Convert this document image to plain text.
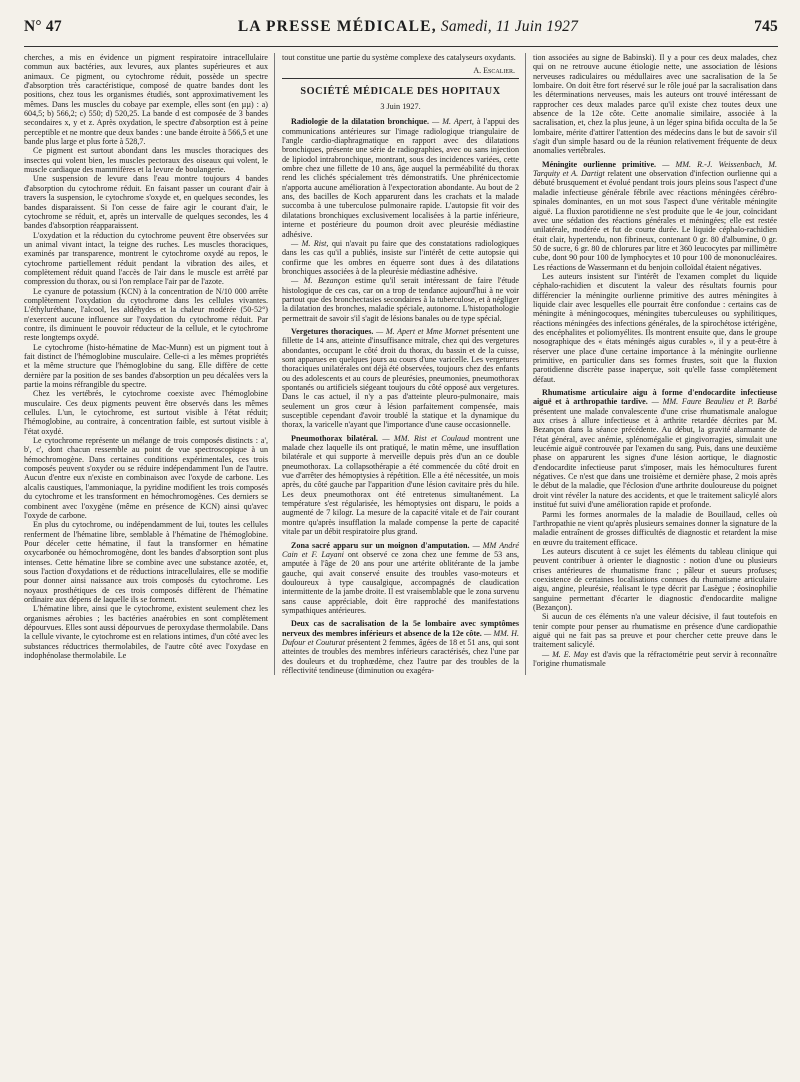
N° 47	LA PRESSE MÉDICALE, Samedi, 11 Juin 1927	745

cherches, a mis en évidence un pigment respiratoire intracellulaire commun aux bactéries, aux levures, aux plantes supérieures et aux animaux. Ce pigment, ou cytochrome réduit, possède un spectre d'absorption très caractéristique, composé de quatre bandes dont les positions, chez tous les organismes étudiés, sont approximativement les mêmes. Dans les muscles du cobaye par exemple, elles sont (en µµ) : a) 604,5; b) 566,2; c) 550; d) 520,25. La bande d est composée de 3 bandes secondaires x, y et z. Après oxydation, le spectre d'absorption est à peine perceptible et ne montre que deux bandes : une bande étroite à 566,5 et une bande plus large et plus forte à 528,7.

Ce pigment est surtout abondant dans les muscles thoraciques des insectes qui volent bien, les muscles pectoraux des oiseaux qui volent, le muscle cardiaque des mammifères et la levure de boulangerie.

Une suspension de levure dans l'eau montre toujours 4 bandes d'absorption du cytochrome réduit. En faisant passer un courant d'air à travers la suspension, le cytochrome s'oxyde et, en quelques secondes, les bandes disparaissent. Si l'on cesse de faire agir le courant d'air, le cytochrome se réduit, et, après un intervalle de quelques secondes, les 4 bandes d'absorption réapparaissent.

L'oxydation et la réduction du cytochrome peuvent être observées sur un animal vivant intact, la teigne des ruches. Les muscles thoraciques, examinés par transparence, montrent le cytochrome oxydé au repos, le cytochrome partiellement réduit pendant la vibration des ailes, et complètement réduit quand l'accès de l'air dans le muscle est arrêté par compression du thorax, ou si l'on remplace l'air par de l'azote.

Le cyanure de potassium (KCN) à la concentration de N/10 000 arrête complètement l'oxydation du cytochrome dans les cellules vivantes. L'éthyluréthane, l'alcool, les aldéhydes et la chaleur modérée (50-52°) n'exercent aucune influence sur l'oxydation du cytochrome réduit. Par contre, ils diminuent le pouvoir réducteur de la cellule, et le cytochrome reste longtemps oxydé.

Le cytochrome (histo-hématine de Mac-Munn) est un pigment tout à fait distinct de l'hémoglobine musculaire. Celle-ci a les mêmes propriétés et la même structure que l'hémoglobine du sang. Elle diffère de cette dernière par la position de ses bandes d'absorption un peu décalées vers la partie la moins réfrangible du spectre.

Chez les vertébrés, le cytochrome coexiste avec l'hémoglobine musculaire. Ces deux pigments peuvent être observés dans les mêmes cellules. L'un, le cytochrome, est surtout visible à l'état réduit; l'hémoglobine, au contraire, à concentration faible, est surtout visible à l'état oxydé.

Le cytochrome représente un mélange de trois composés distincts : a', b', c', dont chacun ressemble au point de vue spectroscopique à un hémochromogène. Dans certaines conditions expérimentales, ces trois composés peuvent s'oxyder ou se réduire indépendamment l'un de l'autre. Aucun d'entre eux n'existe en combinaison avec l'oxyde de carbone. Les alcalis caustiques, l'ammoniaque, la pyridine modifient les trois composés du cytochrome et les transforment en hémochromogènes. Ces derniers se combinent avec l'oxygène (même en présence de KCN) ainsi qu'avec l'oxyde de carbone.

En plus du cytochrome, ou indépendamment de lui, toutes les cellules renferment de l'hématine libre, semblable à l'hématine de l'hémoglobine. Pour déceler cette hématine, il faut la transformer en hématine oxycarbonée ou hémochromogène, dont les bandes d'absorption sont plus intenses. Cette hématine libre se combine avec une substance azotée, et, sous l'action d'oxydations et de réductions intracellulaires, elle se modifie pour donner ainsi naissance aux trois composés du cytochrome. Les noyaux prosthétiques de ces trois composés diffèrent de l'hématine ordinaire aux dépens de laquelle ils se forment.

L'hématine libre, ainsi que le cytochrome, existent seulement chez les organismes aérobies ; les bactéries anaérobies en sont complètement dépourvues. Elles sont aussi dépourvues de peroxydase thermolabile. Dans la cellule vivante, le cytochrome est en relations intimes, d'un côté avec les substances réductrices thermolabiles, de l'autre côté avec l'oxydase en indophénolase thermolabile. Le

tout constitue une partie du système complexe des catalyseurs oxydants.

A. Escalier.
SOCIÉTÉ MÉDICALE DES HOPITAUX
3 Juin 1927.

Radiologie de la dilatation bronchique. — M. Apert, à l'appui des communications antérieures sur l'image radiologique triangulaire de l'angle cardio-diaphragmatique en rapport avec des dilatations bronchiques, présente une série de radiographies, avec ou sans injection de lipiodol intrabronchique, montrant, sous des incidences variées, cette ombre chez une fillette de 10 ans, âge auquel la perméabilité du thorax rend les clichés spécialement très démonstratifs. Une phrénicectomie n'apporta aucune amélioration à l'expectoration abondante. Au bout de 2 ans, des bacilles de Koch apparurent dans les crachats et la malade succomba à une tuberculose pulmonaire rapide. L'autopsie fit voir des dilatations bronchiques exclusivement localisées à la partie inférieure, interne et postérieure du poumon droit avec pleurésie médiastine adhésive.

— M. Rist, qui n'avait pu faire que des constatations radiologiques dans les cas qu'il a publiés, insiste sur l'intérêt de cette autopsie qui confirme que les ombres en équerre sont dues à des dilatations bronchiques associées à de la pleurésie médiastine adhésive.

— M. Bezançon estime qu'il serait intéressant de faire l'étude histologique de ces cas, car on a trop de tendance aujourd'hui à ne voir partout que des bronchectasies secondaires à la tuberculose, et à négliger la dilatation des bronches, maladie spéciale, autonome. L'histopathologie permettrait de savoir s'il s'agit de lésions banales ou de type spécial.

Vergetures thoraciques. — M. Apert et Mme Mornet présentent une fillette de 14 ans, atteinte d'insuffisance mitrale, chez qui des vergetures abondantes, occupant le côté droit du thorax, du bassin et de la cuisse, sont apparues en quelques jours au cours d'une varicelle. Les vergetures thoraciques unilatérales ont déjà été observées, toujours chez des enfants ou des adolescents et au cours de pleurésies, pneumonies, pneumothorax spontanés ou artificiels siégeant toujours du côté opposé aux vergetures. Dans le cas actuel, il n'y a pas d'atteinte pleuro-pulmonaire, mais seulement un gros cœur à lésion parfaitement compensée, mais susceptible cependant d'avoir troublé la statique et la dynamique du thorax, la varicelle n'ayant que l'importance d'une cause occasionnelle.

Pneumothorax bilatéral. — MM. Rist et Coulaud montrent une malade chez laquelle ils ont pratiqué, le matin même, une insufflation bilatérale et qui supporte à merveille depuis près d'un an ce double pneumothorax. La collapsothérapie a été commencée du côté droit en vue d'arrêter des hémoptysies à répétition. Elle a été nécessitée, un mois après, du côté gauche par l'apparition d'une lésion cavitaire près du hile. Les deux pneumothorax ont été entretenus simultanément. La température s'est régularisée, les hémoptysies ont disparu, le poids a augmenté de 7 kilogr. La mesure de la capacité vitale et de l'air courant montre qu'après insufflation la malade compense la perte de capacité vitale par un débit respiratoire plus grand.

Zona sacré apparu sur un moignon d'amputation. — MM André Cain et F. Layani ont observé ce zona chez une femme de 53 ans, amputée à l'âge de 20 ans pour une artérite oblitérante de la jambe gauche, qui avait conservé ensuite des troubles vaso-moteurs et douloureux à type causalgique, accompagnés de claudication intermittente de la jambe droite. Il est vraisemblable que le zona survenu sans cause appréciable, doit être rapproché des manifestations sympathiques antérieures.

Deux cas de sacralisation de la 5e lombaire avec symptômes nerveux des membres inférieurs et absence de la 12e côte. — MM. H. Dufour et Couturat présentent 2 femmes, âgées de 18 et 51 ans, qui sont atteintes de troubles des membres inférieurs caractérisés, chez l'une par des douleurs et du trophœdème, chez l'autre par des troubles de la réflectivité tendineuse (diminution ou exagéra-

tion associées au signe de Babinski). Il y a pour ces deux malades, chez qui on ne retrouve aucune étiologie nette, une association de lésions nerveuses radiculaires ou médullaires avec une sacralisation de la 5e lombaire. On doit être fort réservé sur le rôle joué par la sacralisation dans les déterminations nerveuses, mais les auteurs ont trouvé intéressant de rapprocher ces deux malades parce qu'il existe chez toutes deux une absence de la 12e côte. Cette anomalie similaire, associée à la sacralisation, et, chez la plus jeune, à un léger spina bifida occulta de la 5e lombaire, mérite d'attirer l'attention des médecins dans le but de savoir s'il s'agit d'un simple hasard ou de la réunion relativement fréquente de deux anomalies vertébrales.

Méningite ourlienne primitive. — MM. R.-J. Weissenbach, M. Tarquity et A. Dartigt relatent une observation d'infection ourlienne qui a débuté brusquement et évolué pendant trois jours pleins sous l'aspect d'une maladie infectieuse générale fébrile avec réactions méningées cérébro-spinales dominantes, en un mot sous l'aspect d'une véritable méningite aiguë. La fluxion parotidienne ne s'est produite que le 4e jour, coïncidant avec une sédation des réactions générales et méningées; elle est restée unilatérale, modérée et fut de courte durée. Le liquide céphalo-rachidien était clair, hypertendu, non fibrineux, contenant 0 gr. 80 d'albumine, 0 gr. 50 de sucre, 6 gr. 80 de chlorures par litre et 360 leucocytes par millimètre cube, dont 90 pour 100 de lymphocytes et 10 pour 100 de mononucléaires. Les réactions de Wassermann et du benjoin colloïdal étaient négatives.

Les auteurs insistent sur l'intérêt de l'examen complet du liquide céphalo-rachidien et discutent la valeur des résultats fournis pour différencier la méningite ourlienne primitive des autres méningites à liquide clair avec lesquelles elle pourrait être confondue : certains cas de méningite à méningocoques, méningites tuberculeuses ou syphilitiques, réactions méningées des infections générales, de la spirochétose ictérigène, des encéphalites et poliomyélites. Ils montrent ensuite que, dans le groupe nosographique des « états méningés aigus curables », il y a peut-être à réserver une place d'une certaine importance à la méningite ourlienne primitive, en particulier dans ses formes frustes, soit que la fluxion parotidienne discrète passe inaperçue, soit qu'elle fasse complètement défaut.

Rhumatisme articulaire aigu à forme d'endocardite infectieuse aiguë et à arthropathie tardive. — MM. Faure Beaulieu et P. Barbé présentent une malade convalescente d'une crise rhumatismale analogue aux crises à allure infectieuse et à arthrite retardée décrites par M. Bezançon dans la séance précédente. Au début, la gravité alarmante de l'état général, avec anémie, splénomégalie et gingivorragies, simulait une leucémie aiguë controuvée par l'examen du sang. Puis, dans une deuxième phase on apparurent les signes d'une lésion aortique, le diagnostic d'endocardite infectieuse parut s'imposer, mais les hémocultures furent négatives. Ce n'est que dans une troisième et dernière phase, 2 mois après le début de la maladie, que l'éclosion d'une arthrite douloureuse du poignet droit vint révéler la nature des accidents, et que le traitement salicylé alors institué fut suivi d'une amélioration rapide et profonde.

Parmi les formes anormales de la maladie de Bouillaud, celles où l'arthropathie ne vient qu'après plusieurs semaines donner la signature de la maladie entraînent de grosses difficultés de diagnostic et retardent la mise en œuvre du traitement efficace.

Les auteurs discutent à ce sujet les éléments du tableau clinique qui peuvent contribuer à orienter le diagnostic : notion d'une ou plusieurs crises antérieures de rhumatisme franc ; pâleur et sueurs profuses; coexistence de certaines localisations connues du rhumatisme articulaire aigu, angine, pleurésie, réalisant le type décrit par Lasègue ; éosinophilie sanguine permettant d'écarter le diagnostic d'endocardite maligne (Bezançon).

Si aucun de ces éléments n'a une valeur décisive, il faut toutefois en tenir compte pour penser au rhumatisme en présence d'une cardiopathie aiguë qui ne fait pas sa preuve et pour chercher cette preuve dans le traitement salicylé.

— M. E. May est d'avis que la réfractométrie peut servir à reconnaître l'origine rhumatismale
